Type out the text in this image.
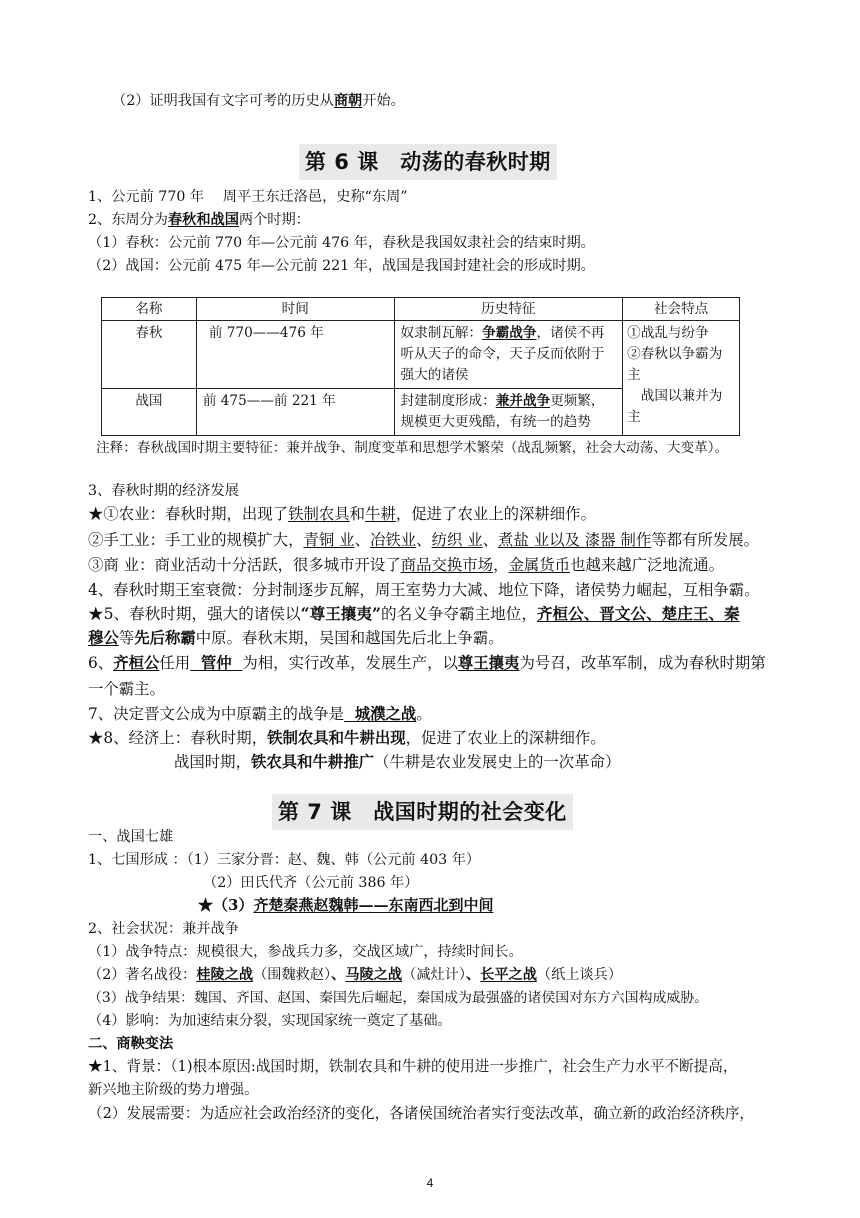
（2）证明我国有文字可考的历史从商朝开始。

第 6 课　动荡的春秋时期

1、公元前 770 年　 周平王东迁洛邑，史称“东周”

2、东周分为春秋和战国两个时期：

（1）春秋：公元前 770 年—公元前 476 年，春秋是我国奴隶社会的结束时期。

（2）战国：公元前 475 年—公元前 221 年，战国是我国封建社会的形成时期。

名称	时间	历史特征	社会特点
春秋	前 770——476 年	奴隶制瓦解：争霸战争，诸侯不再听从天子的命令，天子反而依附于强大的诸侯	①战乱与纷争
②春秋以争霸为主
　战国以兼并为主

战国	前 475——前 221 年	封建制度形成：兼并战争更频繁，规模更大更残酷，有统一的趋势	

注释：春秋战国时期主要特征：兼并战争、制度变革和思想学术繁荣（战乱频繁，社会大动荡、大变革）。

3、春秋时期的经济发展

★①农业：春秋时期，出现了铁制农具和牛耕，促进了农业上的深耕细作。

②手工业：手工业的规模扩大，青铜 业、冶铁业、纺织 业、煮盐 业以及 漆器 制作等都有所发展。

③商 业：商业活动十分活跃，很多城市开设了商品交换市场，金属货币也越来越广泛地流通。

4、春秋时期王室衰微：分封制逐步瓦解，周王室势力大减、地位下降，诸侯势力崛起，互相争霸。

★5、春秋时期，强大的诸侯以“尊王攘夷”的名义争夺霸主地位，齐桓公、晋文公、楚庄王、秦

穆公等先后称霸中原。春秋末期，吴国和越国先后北上争霸。

6、齐桓公任用  管仲  为相，实行改革，发展生产，以尊王攘夷为号召，改革军制，成为春秋时期第

一个霸主。

7、决定晋文公成为中原霸主的战争是  城濮之战。

★8、经济上：春秋时期，铁制农具和牛耕出现，促进了农业上的深耕细作。

战国时期，铁农具和牛耕推广（牛耕是农业发展史上的一次革命）

第 7 课　战国时期的社会变化

一、战国七雄

1、七国形成 ：（1）三家分晋：赵、魏、韩（公元前 403 年）

（2）田氏代齐（公元前 386 年）

★（3）齐楚秦燕赵魏韩——东南西北到中间

2、社会状况：兼并战争

（1）战争特点：规模很大，参战兵力多，交战区域广，持续时间长。

（2）著名战役：桂陵之战（围魏救赵）、马陵之战（减灶计）、长平之战（纸上谈兵）

（3）战争结果：魏国、齐国、赵国、秦国先后崛起，秦国成为最强盛的诸侯国对东方六国构成威胁。

（4）影响：为加速结束分裂，实现国家统一奠定了基础。

二、商鞅变法

★1、背景：（1)根本原因:战国时期，铁制农具和牛耕的使用进一步推广，社会生产力水平不断提高，

新兴地主阶级的势力增强。

（2）发展需要：为适应社会政治经济的变化，各诸侯国统治者实行变法改革，确立新的政治经济秩序，

4
